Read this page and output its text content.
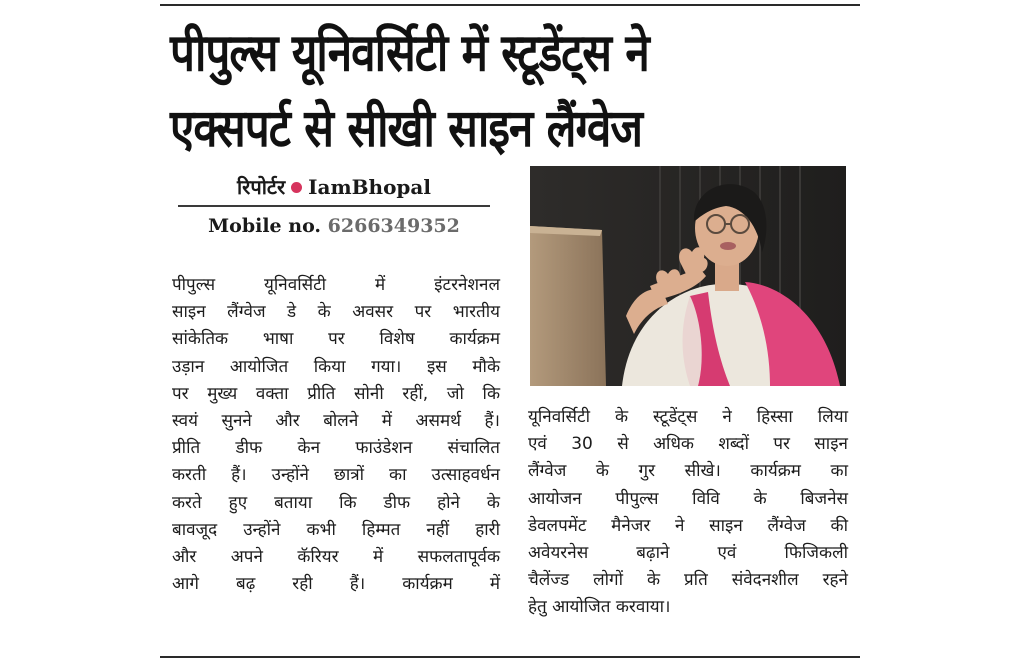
पीपुल्स यूनिवर्सिटी में स्टूडेंट्स ने
एक्सपर्ट से सीखी साइन लैंग्वेज
रिपोर्टर IamBhopal
Mobile no. 6266349352
पीपुल्स यूनिवर्सिटी में इंटरनेशनल
साइन लैंग्वेज डे के अवसर पर भारतीय
सांकेतिक भाषा पर विशेष कार्यक्रम
उड़ान आयोजित किया गया। इस मौके
पर मुख्य वक्ता प्रीति सोनी रहीं, जो कि
स्वयं सुनने और बोलने में असमर्थ हैं।
प्रीति डीफ केन फाउंडेशन संचालित
करती हैं। उन्होंने छात्रों का उत्साहवर्धन
करते हुए बताया कि डीफ होने के
बावजूद उन्होंने कभी हिम्मत नहीं हारी
और अपने कॅरियर में सफलतापूर्वक
आगे बढ़ रही हैं। कार्यक्रम में
यूनिवर्सिटी के स्टूडेंट्स ने हिस्सा लिया
एवं 30 से अधिक शब्दों पर साइन
लैंग्वेज के गुर सीखे। कार्यक्रम का
आयोजन पीपुल्स विवि के बिजनेस
डेवलपमेंट मैनेजर ने साइन लैंग्वेज की
अवेयरनेस बढ़ाने एवं फिजिकली
चैलेंज्ड लोगों के प्रति संवेदनशील रहने
हेतु आयोजित करवाया।
